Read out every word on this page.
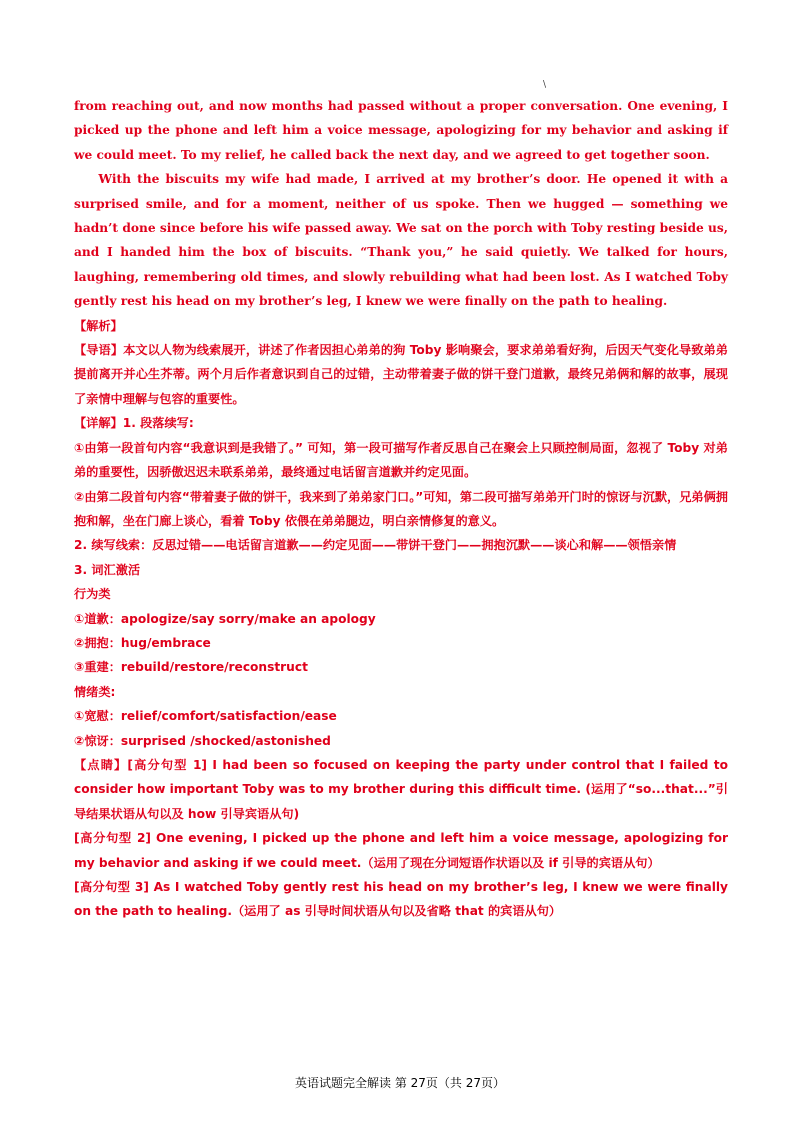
\

from reaching out, and now months had passed without a proper conversation. One evening, I picked up the phone and left him a voice message, apologizing for my behavior and asking if we could meet. To my relief, he called back the next day, and we agreed to get together soon.

With the biscuits my wife had made, I arrived at my brother’s door. He opened it with a surprised smile, and for a moment, neither of us spoke. Then we hugged — something we hadn’t done since before his wife passed away. We sat on the porch with Toby resting beside us, and I handed him the box of biscuits. “Thank you,” he said quietly. We talked for hours, laughing, remembering old times, and slowly rebuilding what had been lost. As I watched Toby gently rest his head on my brother’s leg, I knew we were finally on the path to healing.

【解析】

【导语】本文以人物为线索展开，讲述了作者因担心弟弟的狗 Toby 影响聚会，要求弟弟看好狗，后因天气变化导致弟弟提前离开并心生芥蒂。两个月后作者意识到自己的过错，主动带着妻子做的饼干登门道歉，最终兄弟俩和解的故事，展现了亲情中理解与包容的重要性。

【详解】1. 段落续写:

①由第一段首句内容“我意识到是我错了。” 可知，第一段可描写作者反思自己在聚会上只顾控制局面，忽视了 Toby 对弟弟的重要性，因骄傲迟迟未联系弟弟，最终通过电话留言道歉并约定见面。

②由第二段首句内容“带着妻子做的饼干，我来到了弟弟家门口。”可知，第二段可描写弟弟开门时的惊讶与沉默，兄弟俩拥抱和解，坐在门廊上谈心，看着 Toby 依偎在弟弟腿边，明白亲情修复的意义。

2. 续写线索：反思过错——电话留言道歉——约定见面——带饼干登门——拥抱沉默——谈心和解——领悟亲情

3. 词汇激活

行为类

①道歉：apologize/say sorry/make an apology

②拥抱：hug/embrace

③重建：rebuild/restore/reconstruct

情绪类:

①宽慰：relief/comfort/satisfaction/ease

②惊讶：surprised /shocked/astonished

【点睛】[高分句型 1] I had been so focused on keeping the party under control that I failed to consider how important Toby was to my brother during this difficult time. (运用了“so...that...”引导结果状语从句以及 how 引导宾语从句)

[高分句型 2] One evening, I picked up the phone and left him a voice message, apologizing for my behavior and asking if we could meet.（运用了现在分词短语作状语以及 if 引导的宾语从句）

[高分句型 3] As I watched Toby gently rest his head on my brother’s leg, I knew we were finally on the path to healing.（运用了 as 引导时间状语从句以及省略 that 的宾语从句）

英语试题完全解读 第 27页（共 27页）
